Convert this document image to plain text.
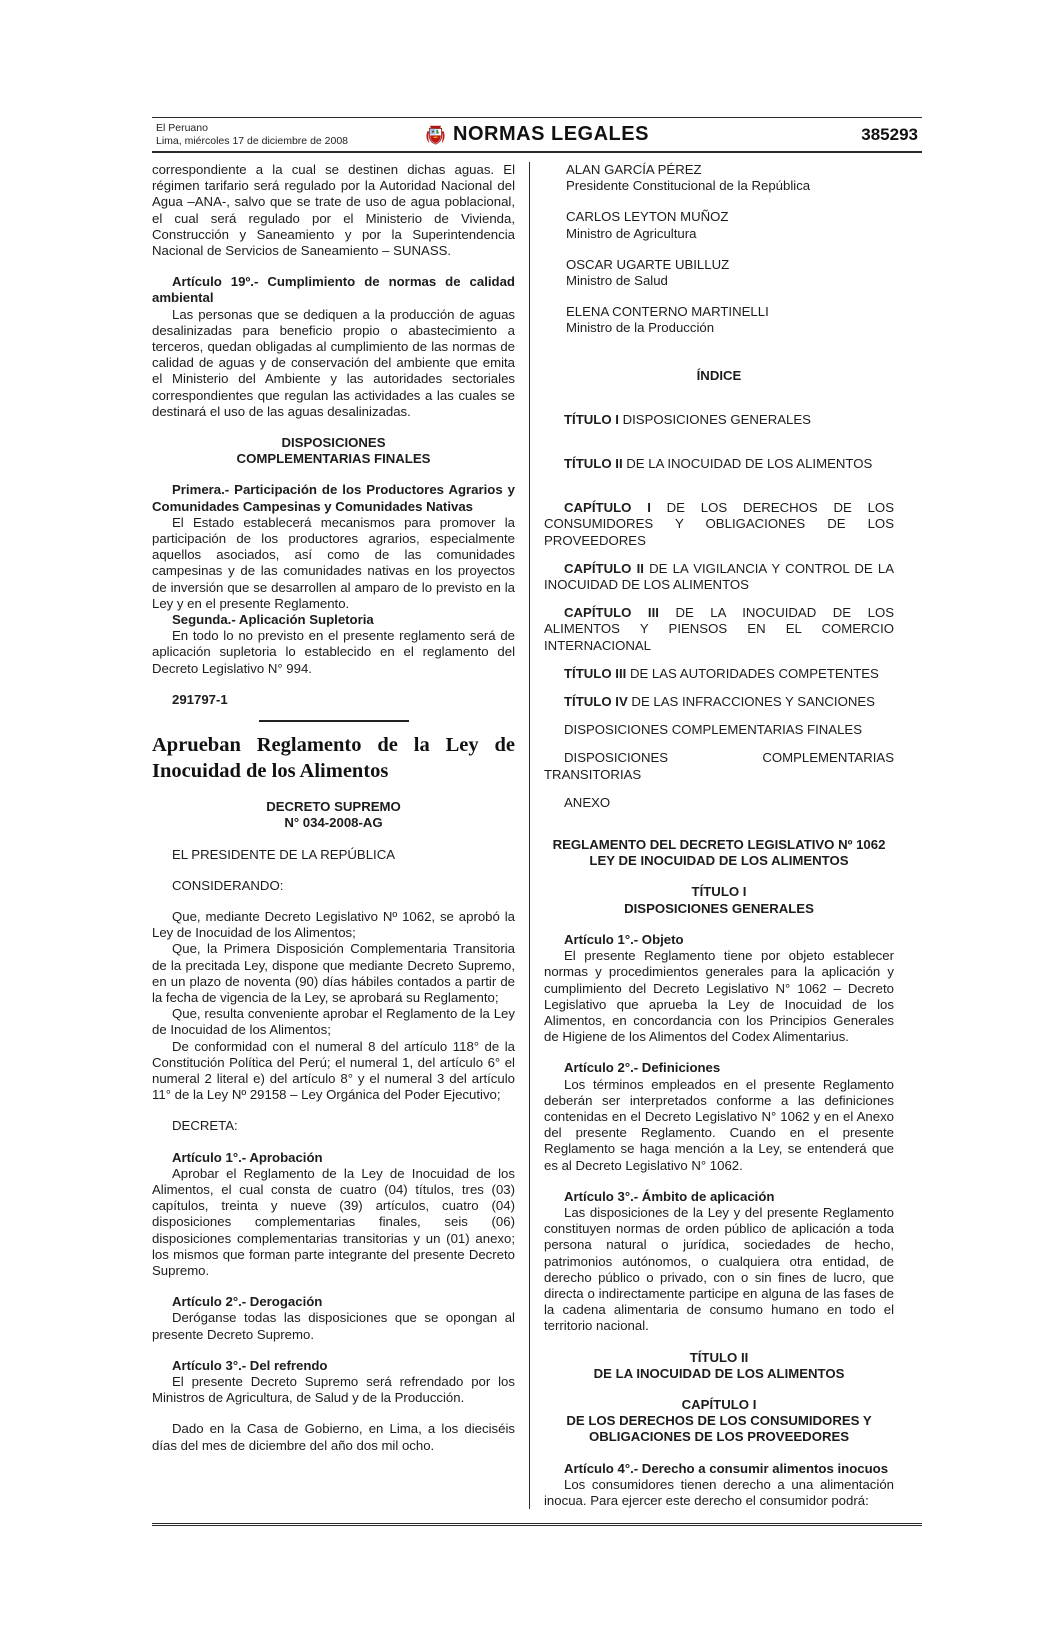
El Peruano
Lima, miércoles 17 de diciembre de 2008	NORMAS LEGALES	385293

correspondiente a la cual se destinen dichas aguas. El régimen tarifario será regulado por la Autoridad Nacional del Agua –ANA-, salvo que se trate de uso de agua poblacional, el cual será regulado por el Ministerio de Vivienda, Construcción y Saneamiento y por la Superintendencia Nacional de Servicios de Saneamiento – SUNASS.

Artículo 19º.- Cumplimiento de normas de calidad ambiental

Las personas que se dediquen a la producción de aguas desalinizadas para beneficio propio o abastecimiento a terceros, quedan obligadas al cumplimiento de las normas de calidad de aguas y de conservación del ambiente que emita el Ministerio del Ambiente y las autoridades sectoriales correspondientes que regulan las actividades a las cuales se destinará el uso de las aguas desalinizadas.

DISPOSICIONES
COMPLEMENTARIAS FINALES

Primera.- Participación de los Productores Agrarios y Comunidades Campesinas y Comunidades Nativas

El Estado establecerá mecanismos para promover la participación de los productores agrarios, especialmente aquellos asociados, así como de las comunidades campesinas y de las comunidades nativas en los proyectos de inversión que se desarrollen al amparo de lo previsto en la Ley y en el presente Reglamento.

Segunda.- Aplicación Supletoria

En todo lo no previsto en el presente reglamento será de aplicación supletoria lo establecido en el reglamento del Decreto Legislativo N° 994.

291797-1

Aprueban Reglamento de la Ley de Inocuidad de los Alimentos
DECRETO SUPREMO
N° 034-2008-AG

EL PRESIDENTE DE LA REPÚBLICA

CONSIDERANDO:

Que, mediante Decreto Legislativo Nº 1062, se aprobó la Ley de Inocuidad de los Alimentos;

Que, la Primera Disposición Complementaria Transitoria de la precitada Ley, dispone que mediante Decreto Supremo, en un plazo de noventa (90) días hábiles contados a partir de la fecha de vigencia de la Ley, se aprobará su Reglamento;

Que, resulta conveniente aprobar el Reglamento de la Ley de Inocuidad de los Alimentos;

De conformidad con el numeral 8 del artículo 118° de la Constitución Política del Perú; el numeral 1, del artículo 6° el numeral 2 literal e) del artículo 8° y el numeral 3 del artículo 11° de la Ley Nº 29158 – Ley Orgánica del Poder Ejecutivo;

DECRETA:

Artículo 1°.- Aprobación

Aprobar el Reglamento de la Ley de Inocuidad de los Alimentos, el cual consta de cuatro (04) títulos, tres (03) capítulos, treinta y nueve (39) artículos, cuatro (04) disposiciones complementarias finales, seis (06) disposiciones complementarias transitorias y un (01) anexo; los mismos que forman parte integrante del presente Decreto Supremo.

Artículo 2°.- Derogación

Deróganse todas las disposiciones que se opongan al presente Decreto Supremo.

Artículo 3°.- Del refrendo

El presente Decreto Supremo será refrendado por los Ministros de Agricultura, de Salud y de la Producción.

Dado en la Casa de Gobierno, en Lima, a los dieciséis días del mes de diciembre del año dos mil ocho.

ALAN GARCÍA PÉREZ
Presidente Constitucional de la República
CARLOS LEYTON MUÑOZ
Ministro de Agricultura
OSCAR UGARTE UBILLUZ
Ministro de Salud
ELENA CONTERNO MARTINELLI
Ministro de la Producción
ÍNDICE

TÍTULO I DISPOSICIONES GENERALES

TÍTULO II DE LA INOCUIDAD DE LOS ALIMENTOS

CAPÍTULO I DE LOS DERECHOS DE LOS CONSUMIDORES Y OBLIGACIONES DE LOS PROVEEDORES

CAPÍTULO II DE LA VIGILANCIA Y CONTROL DE LA INOCUIDAD DE LOS ALIMENTOS

CAPÍTULO III DE LA INOCUIDAD DE LOS ALIMENTOS Y PIENSOS EN EL COMERCIO INTERNACIONAL

TÍTULO III DE LAS AUTORIDADES COMPETENTES

TÍTULO IV DE LAS INFRACCIONES Y SANCIONES

DISPOSICIONES COMPLEMENTARIAS FINALES

DISPOSICIONES COMPLEMENTARIAS TRANSITORIAS

ANEXO

REGLAMENTO DEL DECRETO LEGISLATIVO Nº 1062
LEY DE INOCUIDAD DE LOS ALIMENTOS
TÍTULO I
DISPOSICIONES GENERALES

Artículo 1°.- Objeto

El presente Reglamento tiene por objeto establecer normas y procedimientos generales para la aplicación y cumplimiento del Decreto Legislativo N° 1062 – Decreto Legislativo que aprueba la Ley de Inocuidad de los Alimentos, en concordancia con los Principios Generales de Higiene de los Alimentos del Codex Alimentarius.

Artículo 2°.- Definiciones

Los términos empleados en el presente Reglamento deberán ser interpretados conforme a las definiciones contenidas en el Decreto Legislativo N° 1062 y en el Anexo del presente Reglamento. Cuando en el presente Reglamento se haga mención a la Ley, se entenderá que es al Decreto Legislativo N° 1062.

Artículo 3°.- Ámbito de aplicación

Las disposiciones de la Ley y del presente Reglamento constituyen normas de orden público de aplicación a toda persona natural o jurídica, sociedades de hecho, patrimonios autónomos, o cualquiera otra entidad, de derecho público o privado, con o sin fines de lucro, que directa o indirectamente participe en alguna de las fases de la cadena alimentaria de consumo humano en todo el territorio nacional.

TÍTULO II
DE LA INOCUIDAD DE LOS ALIMENTOS
CAPÍTULO I
DE LOS DERECHOS DE LOS CONSUMIDORES Y
OBLIGACIONES DE LOS PROVEEDORES

Artículo 4°.- Derecho a consumir alimentos inocuos

Los consumidores tienen derecho a una alimentación inocua. Para ejercer este derecho el consumidor podrá:
